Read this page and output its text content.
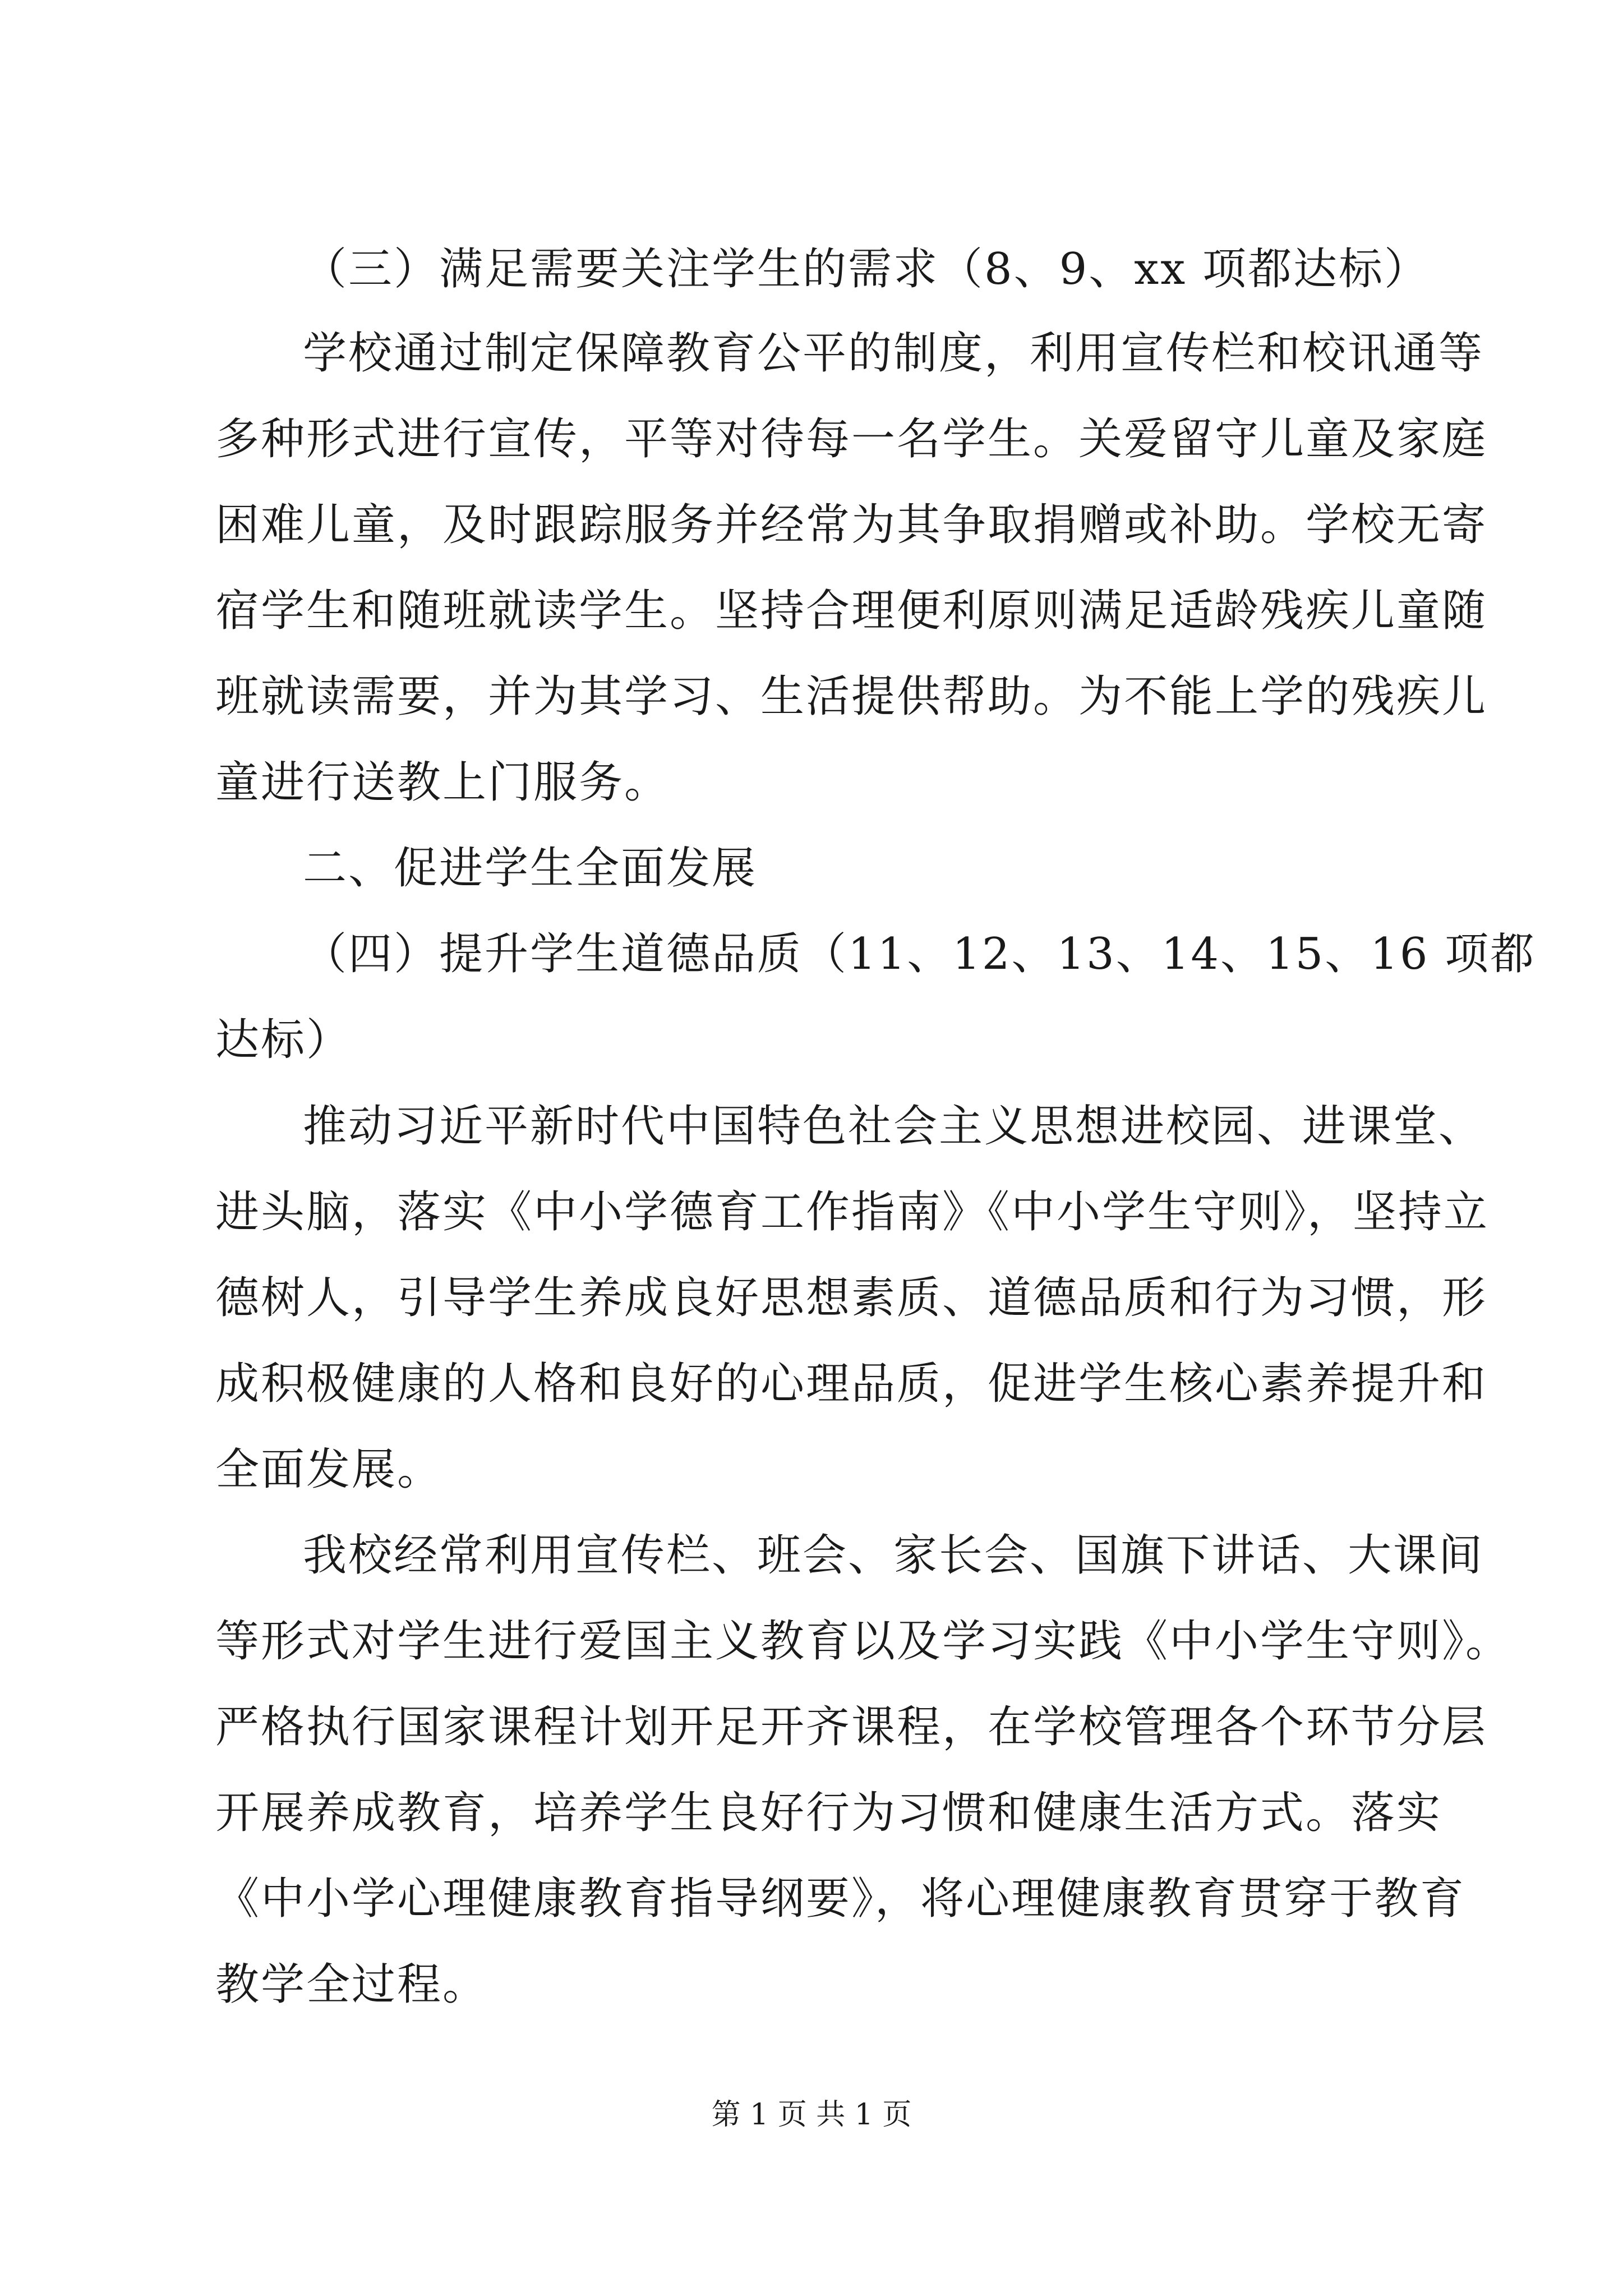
（三）满足需要关注学生的需求（8、9、xx 项都达标）
学校通过制定保障教育公平的制度，利用宣传栏和校讯通等
多种形式进行宣传，平等对待每一名学生。关爱留守儿童及家庭
困难儿童，及时跟踪服务并经常为其争取捐赠或补助。学校无寄
宿学生和随班就读学生。坚持合理便利原则满足适龄残疾儿童随
班就读需要，并为其学习、生活提供帮助。为不能上学的残疾儿
童进行送教上门服务。
二、促进学生全面发展
（四）提升学生道德品质（11、12、13、14、15、16 项都
达标）
推动习近平新时代中国特色社会主义思想进校园、进课堂、
进头脑，落实《中小学德育工作指南》《中小学生守则》，坚持立
德树人，引导学生养成良好思想素质、道德品质和行为习惯，形
成积极健康的人格和良好的心理品质，促进学生核心素养提升和
全面发展。
我校经常利用宣传栏、班会、家长会、国旗下讲话、大课间
等形式对学生进行爱国主义教育以及学习实践《中小学生守则》。
严格执行国家课程计划开足开齐课程，在学校管理各个环节分层
开展养成教育，培养学生良好行为习惯和健康生活方式。落实
《中小学心理健康教育指导纲要》，将心理健康教育贯穿于教育
教学全过程。
第 1 页 共 1 页
